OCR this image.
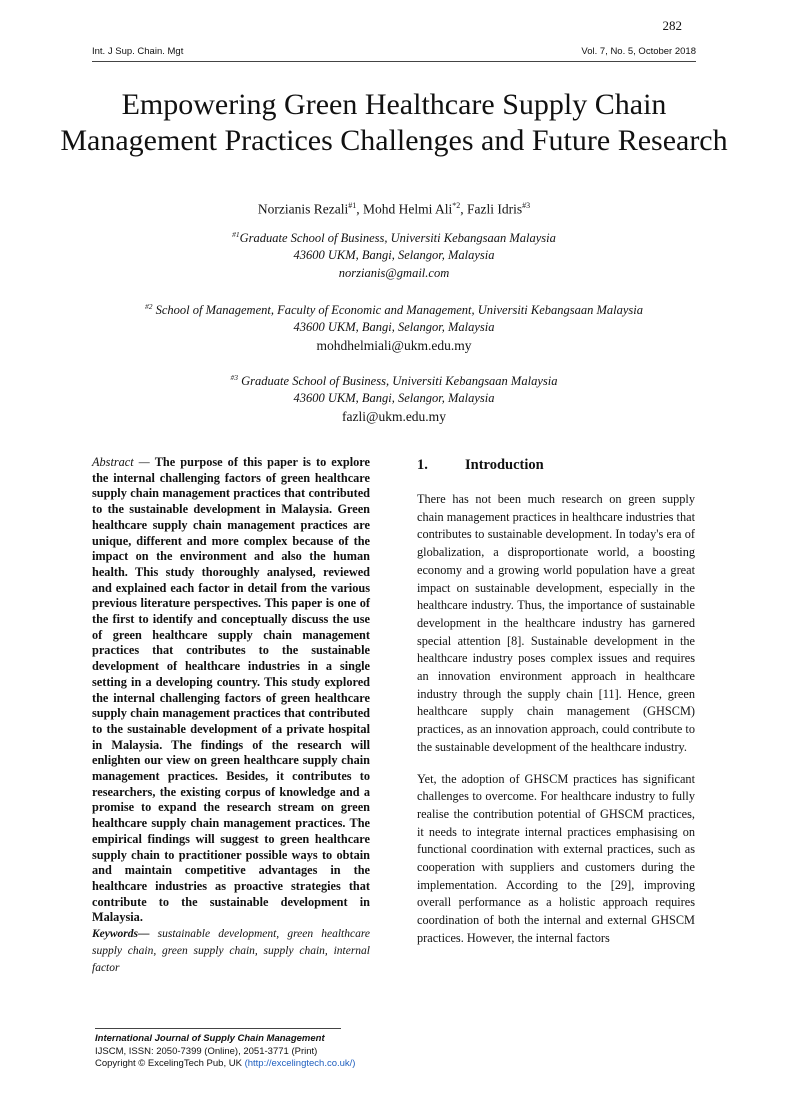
282
Int. J Sup. Chain. Mgt	Vol. 7, No. 5, October 2018
Empowering Green Healthcare Supply Chain Management Practices Challenges and Future Research
Norzianis Rezali$^{\#1}$, Mohd Helmi Ali$^{*2}$, Fazli Idris$^{\#3}$
$^{\#1}$Graduate School of Business, Universiti Kebangsaan Malaysia
43600 UKM, Bangi, Selangor, Malaysia
norzianis@gmail.com
$^{\#2}$ School of Management, Faculty of Economic and Management, Universiti Kebangsaan Malaysia
43600 UKM, Bangi, Selangor, Malaysia
mohdhelmiali@ukm.edu.my
$^{\#3}$ Graduate School of Business, Universiti Kebangsaan Malaysia
43600 UKM, Bangi, Selangor, Malaysia
fazli@ukm.edu.my

Abstract — The purpose of this paper is to explore the internal challenging factors of green healthcare supply chain management practices that contributed to the sustainable development in Malaysia. Green healthcare supply chain management practices are unique, different and more complex because of the impact on the environment and also the human health. This study thoroughly analysed, reviewed and explained each factor in detail from the various previous literature perspectives. This paper is one of the first to identify and conceptually discuss the use of green healthcare supply chain management practices that contributes to the sustainable development of healthcare industries in a single setting in a developing country. This study explored the internal challenging factors of green healthcare supply chain management practices that contributed to the sustainable development of a private hospital in Malaysia. The findings of the research will enlighten our view on green healthcare supply chain management practices. Besides, it contributes to researchers, the existing corpus of knowledge and a promise to expand the research stream on green healthcare supply chain management practices. The empirical findings will suggest to green healthcare supply chain to practitioner possible ways to obtain and maintain competitive advantages in the healthcare industries as proactive strategies that contribute to the sustainable development in Malaysia.

Keywords— sustainable development, green healthcare supply chain, green supply chain, supply chain, internal factor

1.	Introduction

There has not been much research on green supply chain management practices in healthcare industries that contributes to sustainable development. In today's era of globalization, a disproportionate world, a boosting economy and a growing world population have a great impact on sustainable development, especially in the healthcare industry. Thus, the importance of sustainable development in the healthcare industry has garnered special attention [8]. Sustainable development in the healthcare industry poses complex issues and requires an innovation environment approach in healthcare industry through the supply chain [11]. Hence, green healthcare supply chain management (GHSCM) practices, as an innovation approach, could contribute to the sustainable development of the healthcare industry.

Yet, the adoption of GHSCM practices has significant challenges to overcome. For healthcare industry to fully realise the contribution potential of GHSCM practices, it needs to integrate internal practices emphasising on functional coordination with external practices, such as cooperation with suppliers and customers during the implementation. According to the [29], improving overall performance as a holistic approach requires coordination of both the internal and external GHSCM practices. However, the internal factors

International Journal of Supply Chain Management
IJSCM, ISSN: 2050-7399 (Online), 2051-3771 (Print)
Copyright © ExcelingTech Pub, UK (http://excelingtech.co.uk/)
